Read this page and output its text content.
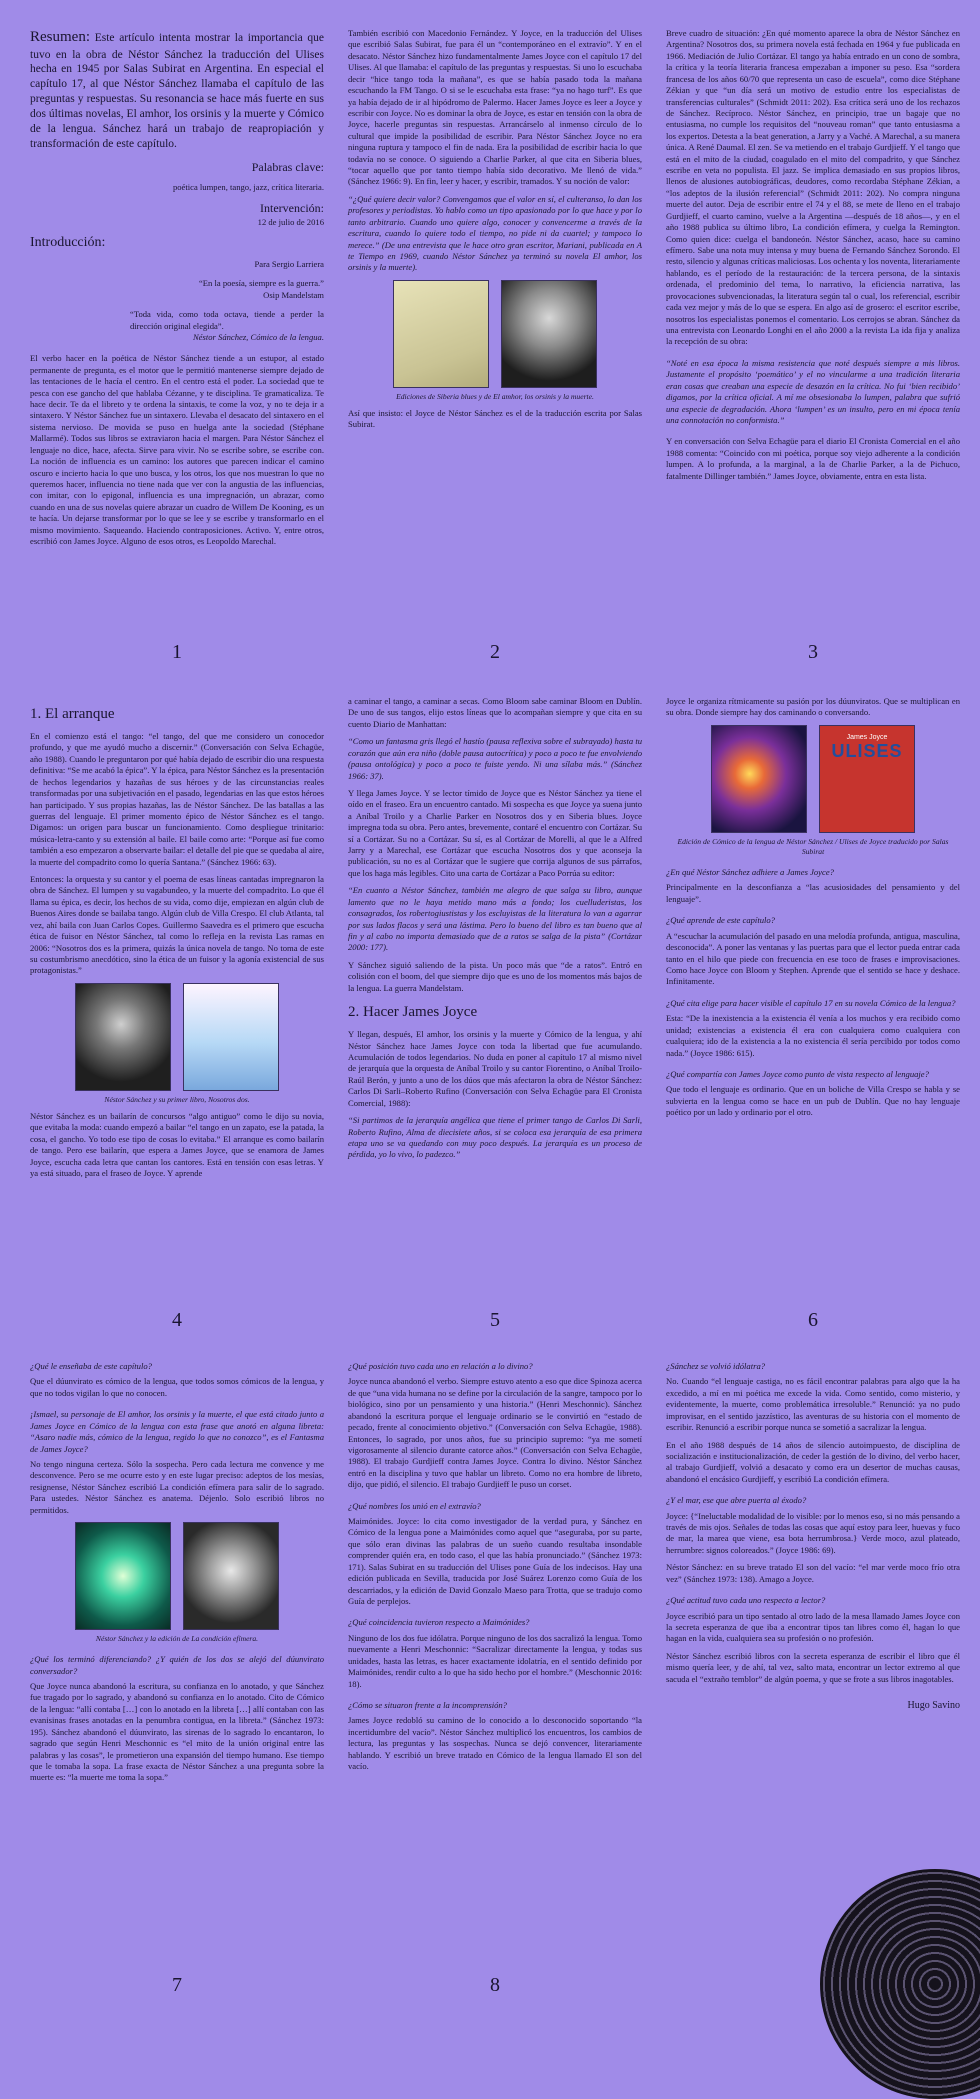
Resumen: Este artículo intenta mostrar la importancia que tuvo en la obra de Néstor Sánchez la traducción del Ulises hecha en 1945 por Salas Subirat en Argentina. En especial el capítulo 17, al que Néstor Sánchez llamaba el capítulo de las preguntas y respuestas. Su resonancia se hace más fuerte en sus dos últimas novelas, El amhor, los orsinis y la muerte y Cómico de la lengua. Sánchez hará un trabajo de reapropiación y transformación de este capítulo.

Palabras clave:

poética lumpen, tango, jazz, crítica literaria.

Intervención:

12 de julio de 2016

Introducción:

Para Sergio Larriera

“En la poesía, siempre es la guerra.”

Osip Mandelstam

“Toda vida, como toda octava, tiende a perder la dirección original elegida”.

Néstor Sánchez, Cómico de la lengua.

El verbo hacer en la poética de Néstor Sánchez tiende a un estupor, al estado permanente de pregunta, es el motor que le permitió mantenerse siempre dejado de las tentaciones de le hacía el centro. En el centro está el poder. La sociedad que te pesca con ese gancho del que hablaba Cézanne, y te disciplina. Te gramaticaliza. Te hace decir. Te da el libreto y te ordena la sintaxis, te come la voz, y no te deja ir a sintaxero. Y Néstor Sánchez fue un sintaxero. Llevaba el desacato del sintaxero en el sistema nervioso. De movida se puso en huelga ante la sociedad (Stéphane Mallarmé). Todos sus libros se extraviaron hacia el margen. Para Néstor Sánchez el lenguaje no dice, hace, afecta. Sirve para vivir. No se escribe sobre, se escribe con. La noción de influencia es un camino: los autores que parecen indicar el camino oscuro e incierto hacia lo que uno busca, y los otros, los que nos muestran lo que no queremos hacer, influencia no tiene nada que ver con la angustia de las influencias, con imitar, con lo epigonal, influencia es una impregnación, un abrazar, como cuando en una de sus novelas quiere abrazar un cuadro de Willem De Kooning, es un te hacía. Un dejarse transformar por lo que se lee y se escribe y transformarlo en el mismo movimiento. Saqueando. Haciendo contraposiciones. Activo. Y, entre otros, escribió con James Joyce. Alguno de esos otros, es Leopoldo Marechal.

1

También escribió con Macedonio Fernández. Y Joyce, en la traducción del Ulises que escribió Salas Subirat, fue para él un “contemporáneo en el extravío”. Y en el desacato. Néstor Sánchez hizo fundamentalmente James Joyce con el capítulo 17 del Ulises. Al que llamaba: el capítulo de las preguntas y respuestas. Si uno lo escuchaba decir “hice tango toda la mañana”, es que se había pasado toda la mañana escuchando la FM Tango. O si se le escuchaba esta frase: “ya no hago turf”. Es que ya había dejado de ir al hipódromo de Palermo. Hacer James Joyce es leer a Joyce y escribir con Joyce. No es dominar la obra de Joyce, es estar en tensión con la obra de Joyce, hacerle preguntas sin respuestas. Arrancárselo al inmenso círculo de lo cultural que impide la posibilidad de escribir. Para Néstor Sánchez Joyce no era ninguna ruptura y tampoco el fin de nada. Era la posibilidad de escribir hacia lo que todavía no se conoce. O siguiendo a Charlie Parker, al que cita en Siberia blues, “tocar aquello que por tanto tiempo había sido decorativo. Me llenó de vida.” (Sánchez 1966: 9). En fin, leer y hacer, y escribir, tramados. Y su noción de valor:

“¿Qué quiere decir valor? Convengamos que el valor en sí, el culteranso, lo dan los profesores y periodistas. Yo hablo como un tipo apasionado por lo que hace y por lo tanto arbitrario. Cuando uno quiere algo, conocer y convencerme a través de la escritura, cuando lo quiere todo el tiempo, no pide ni da cuartel; y tampoco lo merece.” (De una entrevista que le hace otro gran escritor, Mariani, publicada en A te Tiempo en 1969, cuando Néstor Sánchez ya terminó su novela El amhor, los orsinis y la muerte).

Ediciones de Siberia blues y de El amhor, los orsinis y la muerte.

Así que insisto: el Joyce de Néstor Sánchez es el de la traducción escrita por Salas Subirat.

2

Breve cuadro de situación: ¿En qué momento aparece la obra de Néstor Sánchez en Argentina? Nosotros dos, su primera novela está fechada en 1964 y fue publicada en 1966. Mediación de Julio Cortázar. El tango ya había entrado en un cono de sombra, la crítica y la teoría literaria francesa empezaban a imponer su peso. Esa “sordera francesa de los años 60/70 que representa un caso de escuela”, como dice Stéphane Zékian y que “un día será un motivo de estudio entre los especialistas de transferencias culturales” (Schmidt 2011: 202). Esa crítica será uno de los rechazos de Sánchez. Recíproco. Néstor Sánchez, en principio, trae un bagaje que no entusiasma, no cumple los requisitos del “nouveau roman” que tanto entusiasma a los expertos. Detesta a la beat generation, a Jarry y a Vaché. A Marechal, a su manera única. A René Daumal. El zen. Se va metiendo en el trabajo Gurdjieff. Y el tango que está en el mito de la ciudad, coagulado en el mito del compadrito, y que Sánchez escribe en veta no populista. El jazz. Se implica demasiado en sus propios libros, llenos de alusiones autobiográficas, deudores, como recordaba Stéphane Zékian, a “los adeptos de la ilusión referencial” (Schmidt 2011: 202). No compra ninguna muerte del autor. Deja de escribir entre el 74 y el 88, se mete de lleno en el trabajo Gurdjieff, el cuarto camino, vuelve a la Argentina —después de 18 años—, y en el año 1988 publica su último libro, La condición efímera, y cuelga la Remington. Como quien dice: cuelga el bandoneón. Néstor Sánchez, acaso, hace su camino efímero. Sabe una nota muy intensa y muy buena de Fernando Sánchez Sorondo. El resto, silencio y algunas críticas maliciosas. Los ochenta y los noventa, literariamente hablando, es el período de la restauración: de la tercera persona, de la sintaxis ordenada, el predominio del tema, lo narrativo, la eficiencia narrativa, las provocaciones subvencionadas, la literatura según tal o cual, los referencial, escribir cada vez mejor y más de lo que se espera. En algo así de grosero: el escritor escribe, nosotros los especialistas ponemos el comentario. Los cerrojos se abran. Sánchez da una entrevista con Leonardo Longhi en el año 2000 a la revista La ida fija y analiza la recepción de su obra:

“Noté en esa época la misma resistencia que noté después siempre a mis libros. Justamente el propósito ‘poemático’ y el no vincularme a una tradición literaria eran cosas que creaban una especie de desazón en la crítica. No fui ‘bien recibido’ digamos, por la crítica oficial. A mí me obsesionaba lo lumpen, palabra que sufrió una especie de degradación. Ahora ‘lumpen’ es un insulto, pero en mi época tenía una connotación no conformista.”

Y en conversación con Selva Echagüe para el diario El Cronista Comercial en el año 1988 comenta: “Coincido con mi poética, porque soy viejo adherente a la condición lumpen. A lo profunda, a la marginal, a la de Charlie Parker, a la de Pichuco, fatalmente Dillinger también.” James Joyce, obviamente, entra en esta lista.

3
1. El arranque

En el comienzo está el tango: “el tango, del que me considero un conocedor profundo, y que me ayudó mucho a discernir.” (Conversación con Selva Echagüe, año 1988). Cuando le preguntaron por qué había dejado de escribir dio una respuesta definitiva: “Se me acabó la épica”. Y la épica, para Néstor Sánchez es la presentación de hechos legendarios y hazañas de sus héroes y de las circunstancias reales transformadas por una subjetivación en el pasado, legendarias en las que estos héroes han participado. Y sus propias hazañas, las de Néstor Sánchez. De las batallas a las guerras del lenguaje. El primer momento épico de Néstor Sánchez es el tango. Digamos: un origen para buscar un funcionamiento. Como despliegue trinitario: música-letra-canto y su extensión al baile. El baile como arte: “Porque así fue como también a eso empezaron a observarte bailar: el detalle del pie que se quedaba al aire, la muerte del compadrito como lo quería Santana.” (Sánchez 1966: 63).

Entonces: la orquesta y su cantor y el poema de esas líneas cantadas impregnaron la obra de Sánchez. El lumpen y su vagabundeo, y la muerte del compadrito. Lo que él llama su épica, es decir, los hechos de su vida, como dije, empiezan en algún club de Buenos Aires donde se bailaba tango. Algún club de Villa Crespo. El club Atlanta, tal vez, ahí baila con Juan Carlos Copes. Guillermo Saavedra es el primero que escucha ética de fuisor en Néstor Sánchez, tal como lo refleja en la revista Las ramas en 2006: “Nosotros dos es la primera, quizás la única novela de tango. No toma de este su costumbrismo anecdótico, sino la ética de un fuisor y la agonía existencial de sus protagonistas.”

Néstor Sánchez y su primer libro, Nosotros dos.

Néstor Sánchez es un bailarín de concursos “algo antiguo” como le dijo su novia, que evitaba la moda: cuando empezó a bailar “el tango en un zapato, ese la patada, la cosa, el gancho. Yo todo ese tipo de cosas lo evitaba.” El arranque es como bailarín de tango. Pero ese bailarín, que espera a James Joyce, que se enamora de James Joyce, escucha cada letra que cantan los cantores. Está en tensión con esas letras. Y ya está situado, para el fraseo de Joyce. Y aprende

4

a caminar el tango, a caminar a secas. Como Bloom sabe caminar Bloom en Dublín. De uno de sus tangos, elijo estos líneas que lo acompañan siempre y que cita en su cuento Diario de Manhattan:

“Como un fantasma gris llegó el hastío (pausa reflexiva sobre el subrayado) hasta tu corazón que aún era niño (doble pausa autocrítica) y poco a poco te fue envolviendo (pausa ontológica) y poco a poco te fuiste yendo. Ni una sílaba más.” (Sánchez 1966: 37).

Y llega James Joyce. Y se lector tímido de Joyce que es Néstor Sánchez ya tiene el oído en el fraseo. Era un encuentro cantado. Mi sospecha es que Joyce ya suena junto a Aníbal Troilo y a Charlie Parker en Nosotros dos y en Siberia blues. Joyce impregna toda su obra. Pero antes, brevemente, contaré el encuentro con Cortázar. Su sí a Cortázar. Su no a Cortázar. Su sí, es al Cortázar de Morelli, al que le a Alfred Jarry y a Marechal, ese Cortázar que escucha Nosotros dos y que aconseja la publicación, su no es al Cortázar que le sugiere que corrija algunos de sus párrafos, que los haga más legibles. Cito una carta de Cortázar a Paco Porrúa su editor:

“En cuanto a Néstor Sánchez, también me alegro de que salga su libro, aunque lamento que no le haya metido mano más a fondo; los cuelluderistas, los consagrados, los robertogiustistas y los escluyistas de la literatura lo van a agarrar por sus lados flacos y será una lástima. Pero lo bueno del libro es tan bueno que al fin y al cabo no importa demasiado que de a ratos se salga de la pista” (Cortázar 2000: 177).

Y Sánchez siguió saliendo de la pista. Un poco más que “de a ratos”. Entró en colisión con el boom, del que siempre dijo que es uno de los momentos más bajos de la lengua. La guerra Mandelstam.

2. Hacer James Joyce

Y llegan, después, El amhor, los orsinis y la muerte y Cómico de la lengua, y ahí Néstor Sánchez hace James Joyce con toda la libertad que fue acumulando. Acumulación de todos legendarios. No duda en poner al capítulo 17 al mismo nivel de jerarquía que la orquesta de Aníbal Troilo y su cantor Fiorentino, o Aníbal Troilo-Raúl Berón, y junto a uno de los dúos que más afectaron la obra de Néstor Sánchez: Carlos Di Sarli–Roberto Rufino (Conversación con Selva Echagüe para El Cronista Comercial, 1988):

“Si partimos de la jerarquía angélica que tiene el primer tango de Carlos Di Sarli, Roberto Rufino, Alma de diecisiete años, si se coloca esa jerarquía de esa primera etapa uno se va quedando con muy poco después. La jerarquía es un proceso de pérdida, yo lo vivo, lo padezco.”

5

Joyce le organiza rítmicamente su pasión por los dúunviratos. Que se multiplican en su obra. Donde siempre hay dos caminando o conversando.

James Joyce
ULISES

Edición de Cómico de la lengua de Néstor Sánchez / Ulises de Joyce traducido por Salas Subirat

¿En qué Néstor Sánchez adhiere a James Joyce?

Principalmente en la desconfianza a “las acusiosidades del pensamiento y del lenguaje”.

¿Qué aprende de este capítulo?

A “escuchar la acumulación del pasado en una melodía profunda, antigua, masculina, desconocida”. A poner las ventanas y las puertas para que el lector pueda entrar cada tanto en el hilo que piede con frecuencia en ese toco de frases e improvisaciones. Como hace Joyce con Bloom y Stephen. Aprende que el sentido se hace y deshace. Infinitamente.

¿Qué cita elige para hacer visible el capítulo 17 en su novela Cómico de la lengua?

Esta: “De la inexistencia a la existencia él venía a los muchos y era recibido como unidad; existencias a existencia él era con cualquiera como cualquiera con cualquiera; ido de la existencia a la no existencia él sería percibido por todos como nada.” (Joyce 1986: 615).

¿Qué compartía con James Joyce como punto de vista respecto al lenguaje?

Que todo el lenguaje es ordinario. Que en un boliche de Villa Crespo se habla y se subvierta en la lengua como se hace en un pub de Dublín. Que no hay lenguaje poético por un lado y ordinario por el otro.

6

¿Qué le enseñaba de este capítulo?

Que el dúunvirato es cómico de la lengua, que todos somos cómicos de la lengua, y que no todos vigilan lo que no conocen.

¡Ismael, su personaje de El amhor, los orsinis y la muerte, el que está citado junto a James Joyce en Cómico de la lengua con esta frase que anotó en alguna libreta: “Asaro nadie más, cómico de la lengua, regido lo que no conozco”, es el Fantasma de James Joyce?

No tengo ninguna certeza. Sólo la sospecha. Pero cada lectura me convence y me desconvence. Pero se me ocurre esto y en este lugar preciso: adeptos de los mesías, resignense, Néstor Sánchez escribió La condición efímera para salir de lo sagrado. Para ustedes. Néstor Sánchez es anatema. Déjenlo. Solo escribió libros no permitidos.

Néstor Sánchez y la edición de La condición efímera.

¿Qué los terminó diferenciando? ¿Y quién de los dos se alejó del dúunvirato conversador?

Que Joyce nunca abandonó la escritura, su confianza en lo anotado, y que Sánchez fue tragado por lo sagrado, y abandonó su confianza en lo anotado. Cito de Cómico de la lengua: “allí contaba […] con lo anotado en la libreta […] allí contaban con las evanisinas frases anotadas en la penumbra contigua, en la libreta.” (Sánchez 1973: 195). Sánchez abandonó el dúunvirato, las sirenas de lo sagrado lo encantaron, lo sagrado que según Henri Meschonnic es “el mito de la unión original entre las palabras y las cosas”, le prometieron una expansión del tiempo humano. Ese tiempo que le tomaba la sopa. La frase exacta de Néstor Sánchez a una pregunta sobre la muerte es: “la muerte me toma la sopa.”

7

¿Qué posición tuvo cada uno en relación a lo divino?

Joyce nunca abandonó el verbo. Siempre estuvo atento a eso que dice Spinoza acerca de que “una vida humana no se define por la circulación de la sangre, tampoco por lo biológico, sino por un pensamiento y una historia.” (Henri Meschonnic). Sánchez abandonó la escritura porque el lenguaje ordinario se le convirtió en “estado de pecado, frente al conocimiento objetivo.” (Conversación con Selva Echagüe, 1988). Entonces, lo sagrado, por unos años, fue su principio supremo: “ya me sometí vigorosamente al silencio durante catorce años.” (Conversación con Selva Echagüe, 1988). El trabajo Gurdjieff contra James Joyce. Contra lo divino. Néstor Sánchez entró en la disciplina y tuvo que hablar un libreto. Como no era hombre de libreto, dijo, que pidió, el silencio. El trabajo Gurdjieff le puso un corset.

¿Qué nombres los unió en el extravío?

Maimónides. Joyce: lo cita como investigador de la verdad pura, y Sánchez en Cómico de la lengua pone a Maimónides como aquel que “aseguraba, por su parte, que sólo eran divinas las palabras de un sueño cuando resultaba insondable comprender quién era, en todo caso, el que las había pronunciado.” (Sánchez 1973: 171). Salas Subirat en su traducción del Ulises pone Guía de los indecisos. Hay una edición publicada en Sevilla, traducida por José Suárez Lorenzo como Guía de los descarriados, y la edición de David Gonzalo Maeso para Trotta, que se tradujo como Guía de perplejos.

¿Qué coincidencia tuvieron respecto a Maimónides?

Ninguno de los dos fue idólatra. Porque ninguno de los dos sacralizó la lengua. Tomo nuevamente a Henri Meschonnic: “Sacralizar directamente la lengua, y todas sus unidades, hasta las letras, es hacer exactamente idolatría, en el sentido definido por Maimónides, rendir culto a lo que ha sido hecho por el hombre.” (Meschonnic 2016: 18).

¿Cómo se situaron frente a la incomprensión?

James Joyce redobló su camino de lo conocido a lo desconocido soportando “la incertidumbre del vacío”. Néstor Sánchez multiplicó los encuentros, los cambios de lectura, las preguntas y las sospechas. Nunca se dejó convencer, literariamente hablando. Y escribió un breve tratado en Cómico de la lengua llamado El son del vacío.

8

¿Sánchez se volvió idólatra?

No. Cuando “el lenguaje castiga, no es fácil encontrar palabras para algo que la ha excedido, a mí en mi poética me excede la vida. Como sentido, como misterio, y evidentemente, la muerte, como problemática irresoluble.” Renunció: ya no pudo improvisar, en el sentido jazzístico, las aventuras de su historia con el momento de escribir. Renunció a escribir porque nunca se sometió a sacralizar la lengua.

En el año 1988 después de 14 años de silencio autoimpuesto, de disciplina de socialización e institucionalización, de ceder la gestión de lo divino, del verbo hacer, al trabajo Gurdjieff, volvió a desacato y como era un desertor de muchas causas, abandonó el encásico Gurdjieff, y escribió La condición efímera.

¿Y el mar, ese que abre puerta al éxodo?

Joyce: {“Ineluctable modalidad de lo visible: por lo menos eso, si no más pensando a través de mis ojos. Señales de todas las cosas que aquí estoy para leer, huevas y fuco de mar, la marea que viene, esa bota herrumbrosa.} Verde moco, azul plateado, herrumbre: signos coloreados.” (Joyce 1986: 69).

Néstor Sánchez: en su breve tratado El son del vacío: “el mar verde moco frío otra vez” (Sánchez 1973: 138). Amago a Joyce.

¿Qué actitud tuvo cada uno respecto a lector?

Joyce escribió para un tipo sentado al otro lado de la mesa llamado James Joyce con la secreta esperanza de que iba a encontrar tipos tan libres como él, hagan lo que hagan en la vida, cualquiera sea su profesión o no profesión.

Néstor Sánchez escribió libros con la secreta esperanza de escribir el libro que él mismo quería leer, y de ahí, tal vez, salto mata, encontrar un lector extremo al que sacuda el “extraño temblor” de algún poema, y que se frote a sus libros inagotables.

Hugo Savino
